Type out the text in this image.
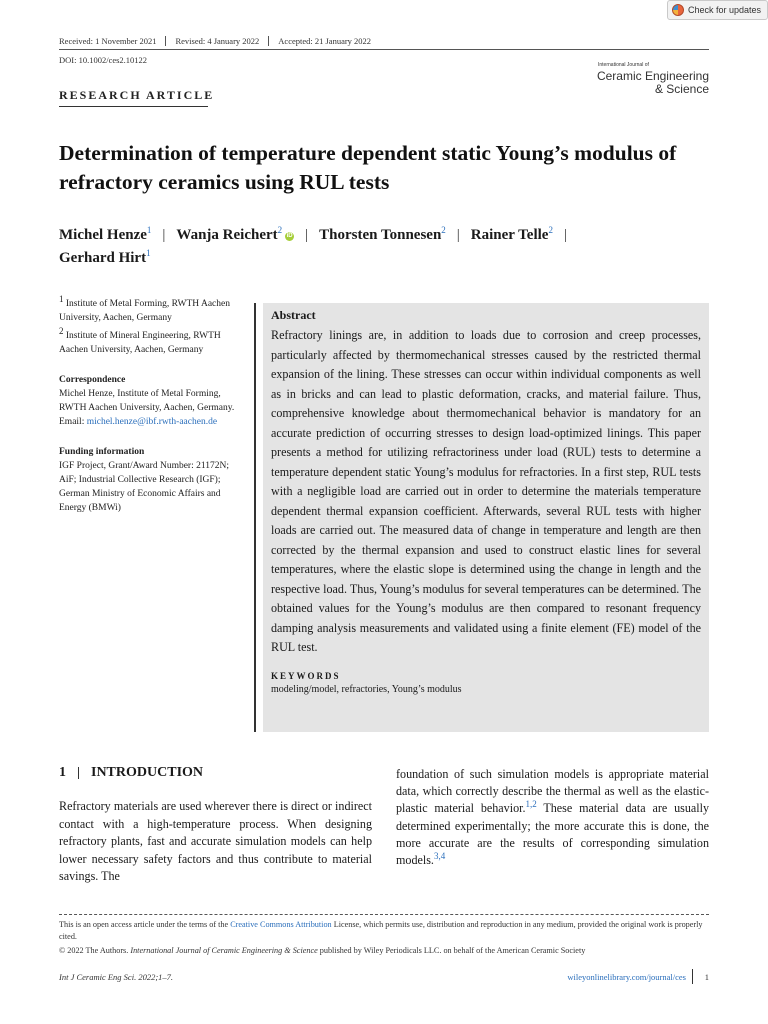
Check for updates
Received: 1 November 2021	Revised: 4 January 2022	Accepted: 21 January 2022
DOI: 10.1002/ces2.10122
RESEARCH ARTICLE
International Journal of
Ceramic Engineering
& Science
Determination of temperature dependent static Young’s modulus of refractory ceramics using RUL tests
Michel Henze$^1$ | Wanja Reichert$^2$iD | Thorsten Tonnesen$^2$ | Rainer Telle$^2$ |
Gerhard Hirt$^1$

$^1$ Institute of Metal Forming, RWTH Aachen University, Aachen, Germany

$^2$ Institute of Mineral Engineering, RWTH Aachen University, Aachen, Germany

Correspondence

Michel Henze, Institute of Metal Forming, RWTH Aachen University, Aachen, Germany.
Email: michel.henze@ibf.rwth-aachen.de

Funding information

IGF Project, Grant/Award Number: 21172N; AiF; Industrial Collective Research (IGF); German Ministry of Economic Affairs and Energy (BMWi)

Abstract

Refractory linings are, in addition to loads due to corrosion and creep processes, particularly affected by thermomechanical stresses caused by the restricted thermal expansion of the lining. These stresses can occur within individual components as well as in bricks and can lead to plastic deformation, cracks, and material failure. Thus, comprehensive knowledge about thermomechanical behavior is mandatory for an accurate prediction of occurring stresses to design load-optimized linings. This paper presents a method for utilizing refractoriness under load (RUL) tests to determine a temperature dependent static Young’s modulus for refractories. In a first step, RUL tests with a negligible load are carried out in order to determine the materials temperature dependent thermal expansion coefficient. Afterwards, several RUL tests with higher loads are carried out. The measured data of change in temperature and length are then corrected by the thermal expansion and used to construct elastic lines for several temperatures, where the elastic slope is determined using the change in length and the respective load. Thus, Young’s modulus for several temperatures can be determined. The obtained values for the Young’s modulus are then compared to resonant frequency damping analysis measurements and validated using a finite element (FE) model of the RUL test.

KEYWORDS
modeling/model, refractories, Young’s modulus
1 INTRODUCTION

Refractory materials are used wherever there is direct or indirect contact with a high-temperature process. When designing refractory plants, fast and accurate simulation models can help lower necessary safety factors and thus contribute to material savings. The

foundation of such simulation models is appropriate material data, which correctly describe the thermal as well as the elastic-plastic material behavior.$^{1,2}$ These material data are usually determined experimentally; the more accurate this is done, the more accurate are the results of corresponding simulation models.$^{3,4}$

This is an open access article under the terms of the Creative Commons Attribution License, which permits use, distribution and reproduction in any medium, provided the original work is properly cited.

© 2022 The Authors. International Journal of Ceramic Engineering & Science published by Wiley Periodicals LLC. on behalf of the American Ceramic Society

Int J Ceramic Eng Sci. 2022;1–7.	wileyonlinelibrary.com/journal/ces 1
